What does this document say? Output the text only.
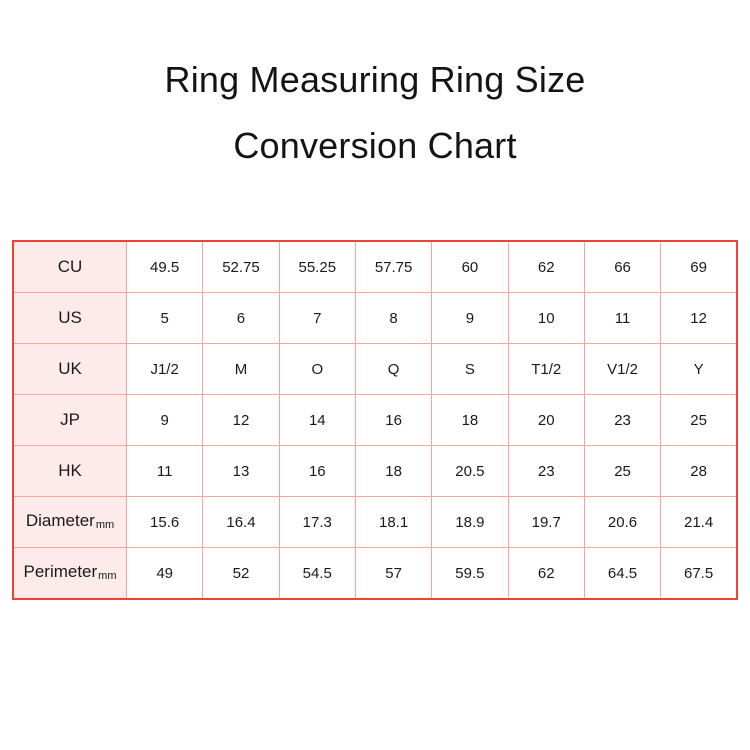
Ring Measuring Ring Size
Conversion Chart
CU	49.5	52.75	55.25	57.75	60	62	66	69
US	5	6	7	8	9	10	11	12
UK	J1/2	M	O	Q	S	T1/2	V1/2	Y
JP	9	12	14	16	18	20	23	25
HK	11	13	16	18	20.5	23	25	28
Diametermm	15.6	16.4	17.3	18.1	18.9	19.7	20.6	21.4
Perimetermm	49	52	54.5	57	59.5	62	64.5	67.5
